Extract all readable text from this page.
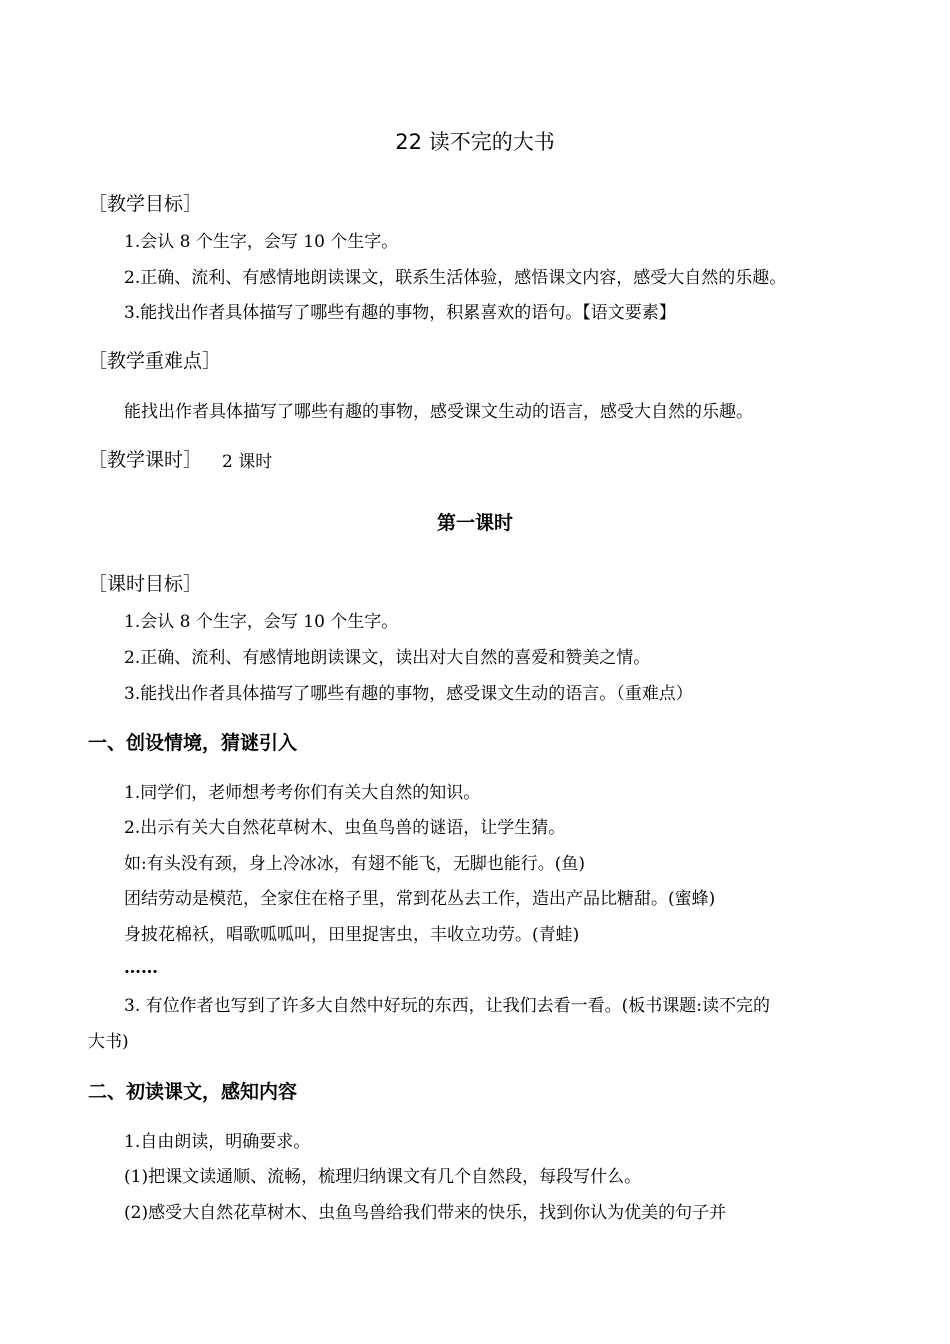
22 读不完的大书
［教学目标］
1.会认 8 个生字，会写 10 个生字。
2.正确、流利、有感情地朗读课文，联系生活体验，感悟课文内容，感受大自然的乐趣。
3.能找出作者具体描写了哪些有趣的事物，积累喜欢的语句。【语文要素】
［教学重难点］
能找出作者具体描写了哪些有趣的事物，感受课文生动的语言，感受大自然的乐趣。
［教学课时］ 2 课时
第一课时
［课时目标］
1.会认 8 个生字，会写 10 个生字。
2.正确、流利、有感情地朗读课文，读出对大自然的喜爱和赞美之情。
3.能找出作者具体描写了哪些有趣的事物，感受课文生动的语言。（重难点）
一、创设情境，猜谜引入
1.同学们，老师想考考你们有关大自然的知识。
2.出示有关大自然花草树木、虫鱼鸟兽的谜语，让学生猜。
如:有头没有颈，身上冷冰冰，有翅不能飞，无脚也能行。(鱼)
团结劳动是模范，全家住在格子里，常到花丛去工作，造出产品比糖甜。(蜜蜂)
身披花棉袄，唱歌呱呱叫，田里捉害虫，丰收立功劳。(青蛙)
……
3. 有位作者也写到了许多大自然中好玩的东西，让我们去看一看。(板书课题:读不完的
大书)
二、初读课文，感知内容
1.自由朗读，明确要求。
(1)把课文读通顺、流畅，梳理归纳课文有几个自然段，每段写什么。
(2)感受大自然花草树木、虫鱼鸟兽给我们带来的快乐，找到你认为优美的句子并
